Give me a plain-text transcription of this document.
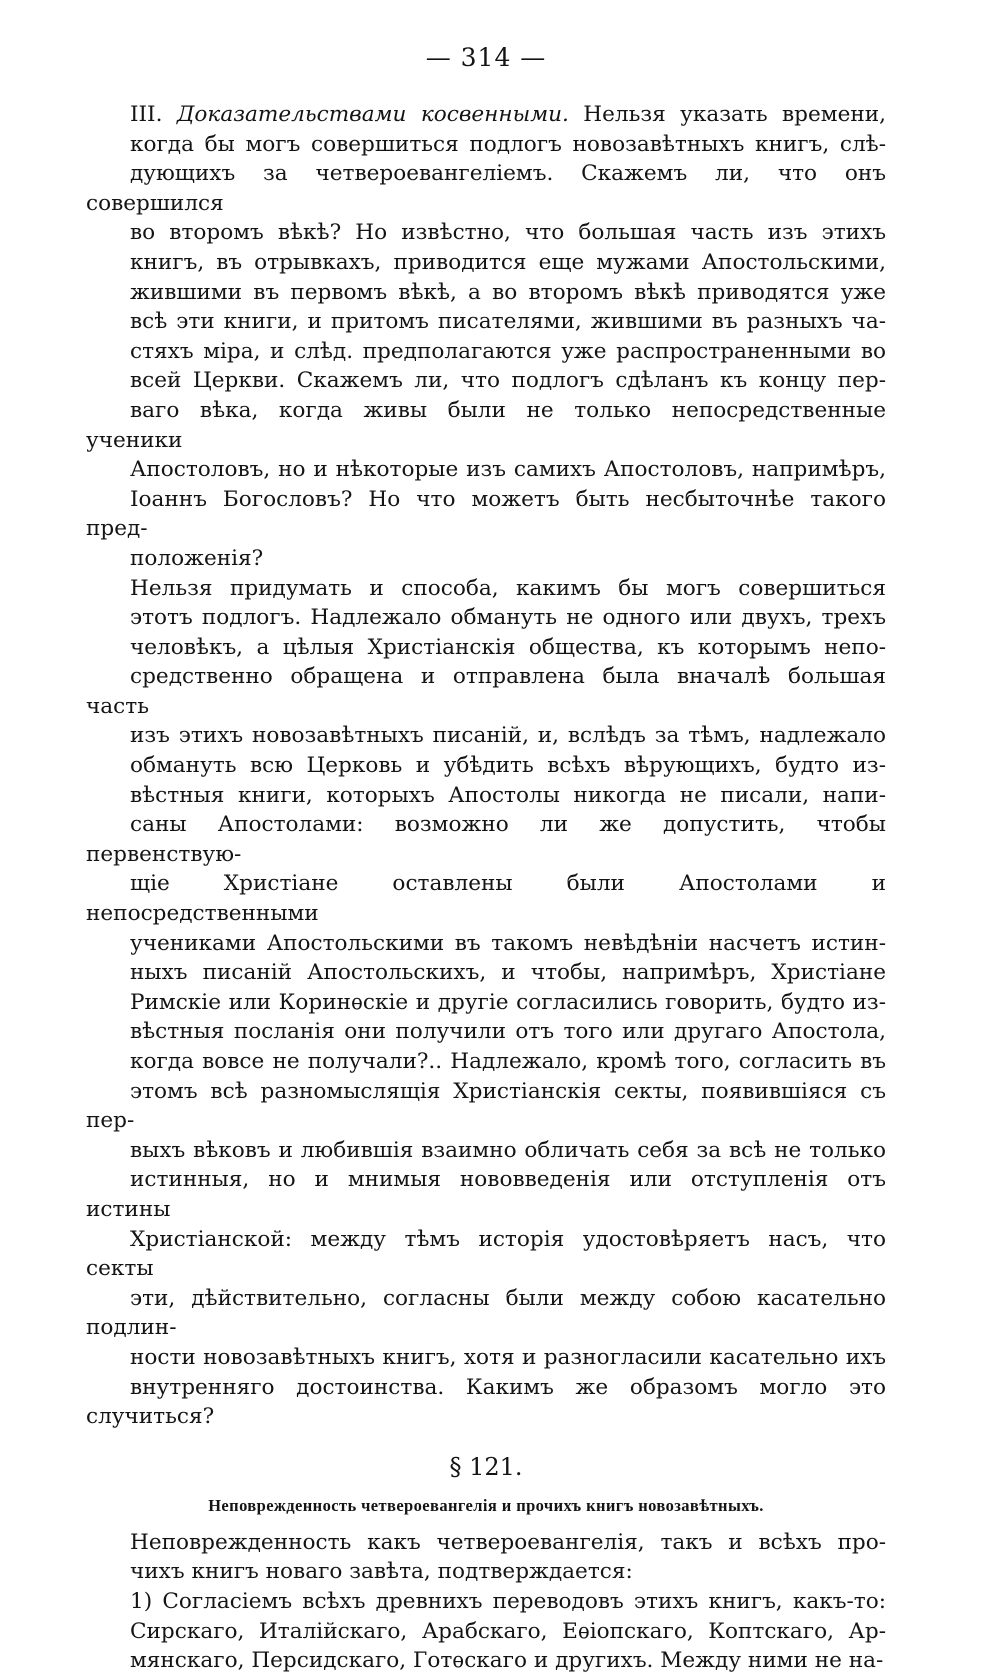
— 314 —
III. Доказательствами косвенными. Нельзя указать времени,
когда бы могъ совершиться подлогъ новозавѣтныхъ книгъ, слѣ-
дующихъ за четвероевангеліемъ. Скажемъ ли, что онъ совершился
во второмъ вѣкѣ? Но извѣстно, что большая часть изъ этихъ
книгъ, въ отрывкахъ, приводится еще мужами Апостольскими,
жившими въ первомъ вѣкѣ, а во второмъ вѣкѣ приводятся уже
всѣ эти книги, и притомъ писателями, жившими въ разныхъ ча-
стяхъ міра, и слѣд. предполагаются уже распространенными во
всей Церкви. Скажемъ ли, что подлогъ сдѣланъ къ концу пер-
ваго вѣка, когда живы были не только непосредственные ученики
Апостоловъ, но и нѣкоторые изъ самихъ Апостоловъ, напримѣръ,
Іоаннъ Богословъ? Но что можетъ быть несбыточнѣе такого пред-
положенія?
Нельзя придумать и способа, какимъ бы могъ совершиться
этотъ подлогъ. Надлежало обмануть не одного или двухъ, трехъ
человѣкъ, а цѣлыя Христіанскія общества, къ которымъ непо-
средственно обращена и отправлена была вначалѣ большая часть
изъ этихъ новозавѣтныхъ писаній, и, вслѣдъ за тѣмъ, надлежало
обмануть всю Церковь и убѣдить всѣхъ вѣрующихъ, будто из-
вѣстныя книги, которыхъ Апостолы никогда не писали, напи-
саны Апостолами: возможно ли же допустить, чтобы первенствую-
щіе Христіане оставлены были Апостолами и непосредственными
учениками Апостольскими въ такомъ невѣдѣніи насчетъ истин-
ныхъ писаній Апостольскихъ, и чтобы, напримѣръ, Христіане
Римскіе или Коринѳскіе и другіе согласились говорить, будто из-
вѣстныя посланія они получили отъ того или другаго Апостола,
когда вовсе не получали?.. Надлежало, кромѣ того, согласить въ
этомъ всѣ разномыслящія Христіанскія секты, появившіяся съ пер-
выхъ вѣковъ и любившія взаимно обличать себя за всѣ не только
истинныя, но и мнимыя нововведенія или отступленія отъ истины
Христіанской: между тѣмъ исторія удостовѣряетъ насъ, что секты
эти, дѣйствительно, согласны были между собою касательно подлин-
ности новозавѣтныхъ книгъ, хотя и разногласили касательно ихъ
внутренняго достоинства. Какимъ же образомъ могло это случиться?
§ 121.
Неповрежденность четвероевангелія и прочихъ книгъ новозавѣтныхъ.
Неповрежденность какъ четвероевангелія, такъ и всѣхъ про-
чихъ книгъ новаго завѣта, подтверждается:
1) Согласіемъ всѣхъ древнихъ переводовъ этихъ книгъ, какъ-то:
Сирскаго, Италійскаго, Арабскаго, Еѳіопскаго, Коптскаго, Ар-
мянскаго, Персидскаго, Готѳскаго и другихъ. Между ними не на-
